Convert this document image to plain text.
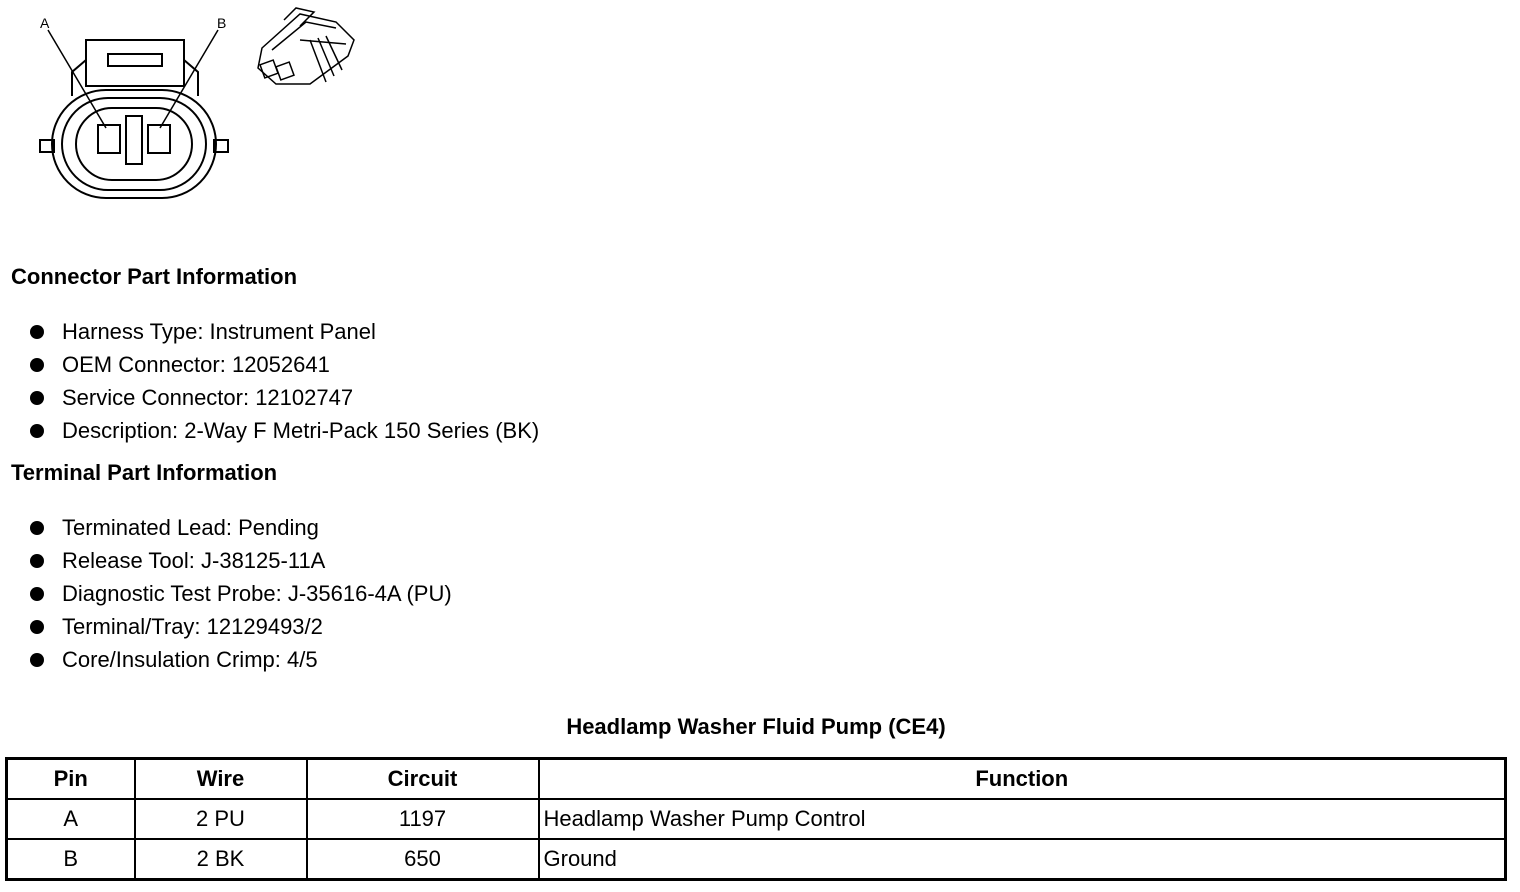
A	B
Connector Part Information
Harness Type: Instrument Panel
OEM Connector: 12052641
Service Connector: 12102747
Description: 2-Way F Metri-Pack 150 Series (BK)
Terminal Part Information
Terminated Lead: Pending
Release Tool: J-38125-11A
Diagnostic Test Probe: J-35616-4A (PU)
Terminal/Tray: 12129493/2
Core/Insulation Crimp: 4/5
Headlamp Washer Fluid Pump (CE4)
Pin	Wire	Circuit	Function
A	2 PU	1197	Headlamp Washer Pump Control
B	2 BK	650	Ground
